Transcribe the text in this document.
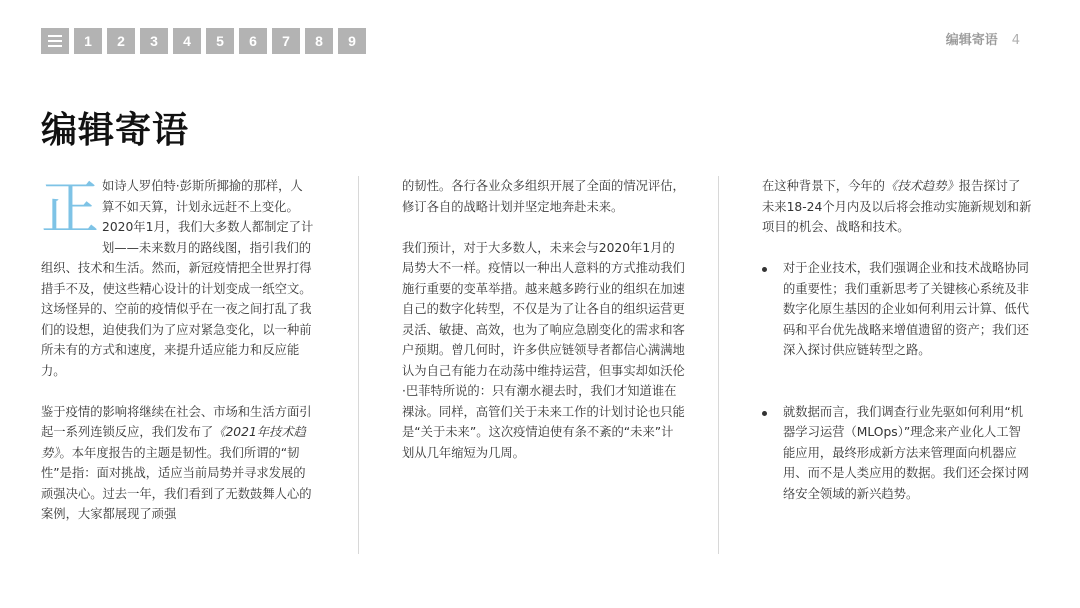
1	2	3	4	5	6	7	8	9	编辑寄语 4
编辑寄语

正如诗人罗伯特·彭斯所揶揄的那样，人算不如天算，计划永远赶不上变化。2020年1月，我们大多数人都制定了计划——未来数月的路线图，指引我们的组织、技术和生活。然而，新冠疫情把全世界打得措手不及，使这些精心设计的计划变成一纸空文。这场怪异的、空前的疫情似乎在一夜之间打乱了我们的设想，迫使我们为了应对紧急变化，以一种前所未有的方式和速度，来提升适应能力和反应能力。

鉴于疫情的影响将继续在社会、市场和生活方面引起一系列连锁反应，我们发布了《2021年技术趋势》。本年度报告的主题是韧性。我们所谓的“韧性”是指：面对挑战，适应当前局势并寻求发展的顽强决心。过去一年，我们看到了无数鼓舞人心的案例，大家都展现了顽强

的韧性。各行各业众多组织开展了全面的情况评估，修订各自的战略计划并坚定地奔赴未来。

我们预计，对于大多数人，未来会与2020年1月的局势大不一样。疫情以一种出人意料的方式推动我们施行重要的变革举措。越来越多跨行业的组织在加速自己的数字化转型，不仅是为了让各自的组织运营更灵活、敏捷、高效，也为了响应急剧变化的需求和客户预期。曾几何时，许多供应链领导者都信心满满地认为自己有能力在动荡中维持运营，但事实却如沃伦·巴菲特所说的：只有潮水褪去时，我们才知道谁在裸泳。同样，高管们关于未来工作的计划讨论也只能是“关于未来”。这次疫情迫使有条不紊的“未来”计划从几年缩短为几周。

在这种背景下，今年的《技术趋势》报告探讨了未来18-24个月内及以后将会推动实施新规划和新项目的机会、战略和技术。

对于企业技术，我们强调企业和技术战略协同的重要性；我们重新思考了关键核心系统及非数字化原生基因的企业如何利用云计算、低代码和平台优先战略来增值遗留的资产；我们还深入探讨供应链转型之路。
就数据而言，我们调查行业先驱如何利用“机器学习运营（MLOps）”理念来产业化人工智能应用，最终形成新方法来管理面向机器应用、而不是人类应用的数据。我们还会探讨网络安全领域的新兴趋势。
